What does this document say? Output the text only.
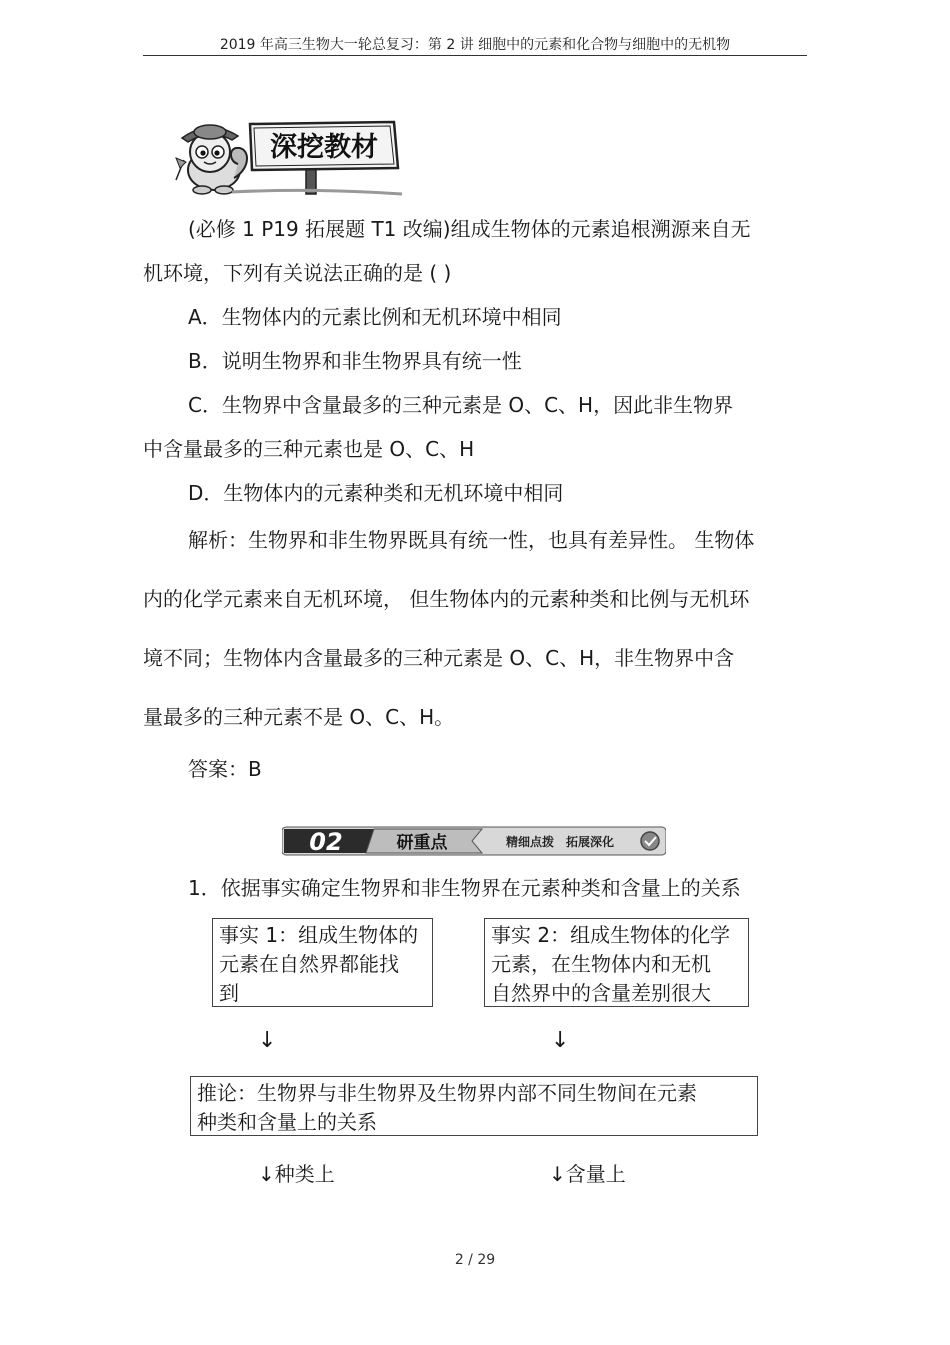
2019 年高三生物大一轮总复习：第 2 讲 细胞中的元素和化合物与细胞中的无机物
深挖教材
(必修 1 P19 拓展题 T1 改编)组成生物体的元素追根溯源来自无
机环境，下列有关说法正确的是 ( )
A．生物体内的元素比例和无机环境中相同
B．说明生物界和非生物界具有统一性
C．生物界中含量最多的三种元素是 O、C、H，因此非生物界
中含量最多的三种元素也是 O、C、H
D．生物体内的元素种类和无机环境中相同
解析：生物界和非生物界既具有统一性，也具有差异性。 生物体
内的化学元素来自无机环境， 但生物体内的元素种类和比例与无机环
境不同；生物体内含量最多的三种元素是 O、C、H，非生物界中含
量最多的三种元素不是 O、C、H。
答案：B
02	研重点	精细点拨　拓展深化
1．依据事实确定生物界和非生物界在元素种类和含量上的关系
事实 1：组成生物体的
元素在自然界都能找
到
事实 2：组成生物体的化学
元素，在生物体内和无机
自然界中的含量差别很大
↓	↓
推论：生物界与非生物界及生物界内部不同生物间在元素
种类和含量上的关系
↓种类上	↓含量上
2 / 29
